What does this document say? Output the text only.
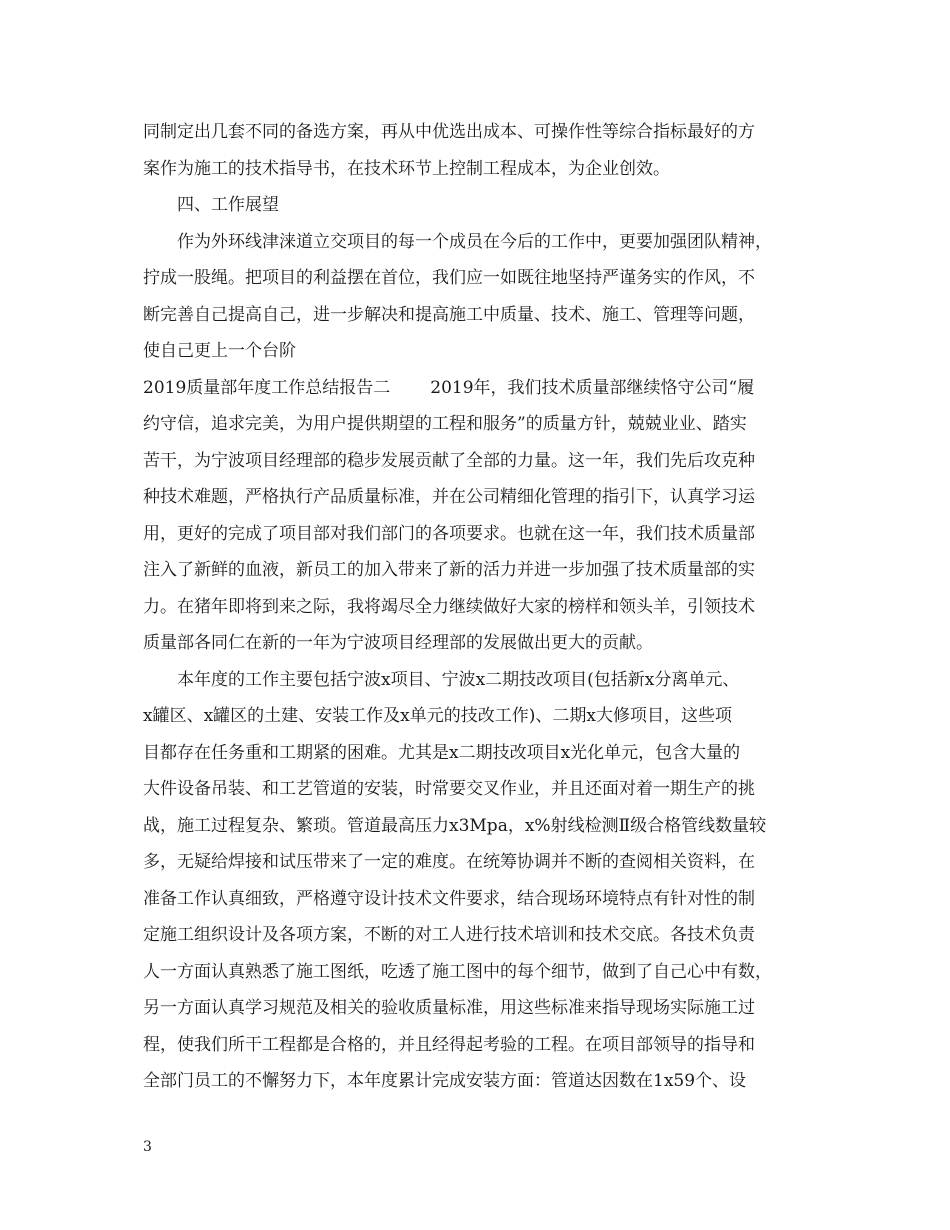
同制定出几套不同的备选方案，再从中优选出成本、可操作性等综合指标最好的方
案作为施工的技术指导书，在技术环节上控制工程成本，为企业创效。
四、工作展望
作为外环线津涞道立交项目的每一个成员在今后的工作中，更要加强团队精神，
拧成一股绳。把项目的利益摆在首位，我们应一如既往地坚持严谨务实的作风，不
断完善自己提高自己，进一步解决和提高施工中质量、技术、施工、管理等问题，
使自己更上一个台阶
2019质量部年度工作总结报告二 2019年，我们技术质量部继续恪守公司“履
约守信，追求完美，为用户提供期望的工程和服务”的质量方针，兢兢业业、踏实
苦干，为宁波项目经理部的稳步发展贡献了全部的力量。这一年，我们先后攻克种
种技术难题，严格执行产品质量标准，并在公司精细化管理的指引下，认真学习运
用，更好的完成了项目部对我们部门的各项要求。也就在这一年，我们技术质量部
注入了新鲜的血液，新员工的加入带来了新的活力并进一步加强了技术质量部的实
力。在猪年即将到来之际，我将竭尽全力继续做好大家的榜样和领头羊，引领技术
质量部各同仁在新的一年为宁波项目经理部的发展做出更大的贡献。
本年度的工作主要包括宁波x项目、宁波x二期技改项目(包括新x分离单元、
x罐区、x罐区的土建、安装工作及x单元的技改工作)、二期x大修项目，这些项
目都存在任务重和工期紧的困难。尤其是x二期技改项目x光化单元，包含大量的
大件设备吊装、和工艺管道的安装，时常要交叉作业，并且还面对着一期生产的挑
战，施工过程复杂、繁琐。管道最高压力x3Mpa，x%射线检测Ⅱ级合格管线数量较
多，无疑给焊接和试压带来了一定的难度。在统筹协调并不断的查阅相关资料，在
准备工作认真细致，严格遵守设计技术文件要求，结合现场环境特点有针对性的制
定施工组织设计及各项方案，不断的对工人进行技术培训和技术交底。各技术负责
人一方面认真熟悉了施工图纸，吃透了施工图中的每个细节，做到了自己心中有数，
另一方面认真学习规范及相关的验收质量标准，用这些标准来指导现场实际施工过
程，使我们所干工程都是合格的，并且经得起考验的工程。在项目部领导的指导和
全部门员工的不懈努力下，本年度累计完成安装方面：管道达因数在1x59个、设
3
